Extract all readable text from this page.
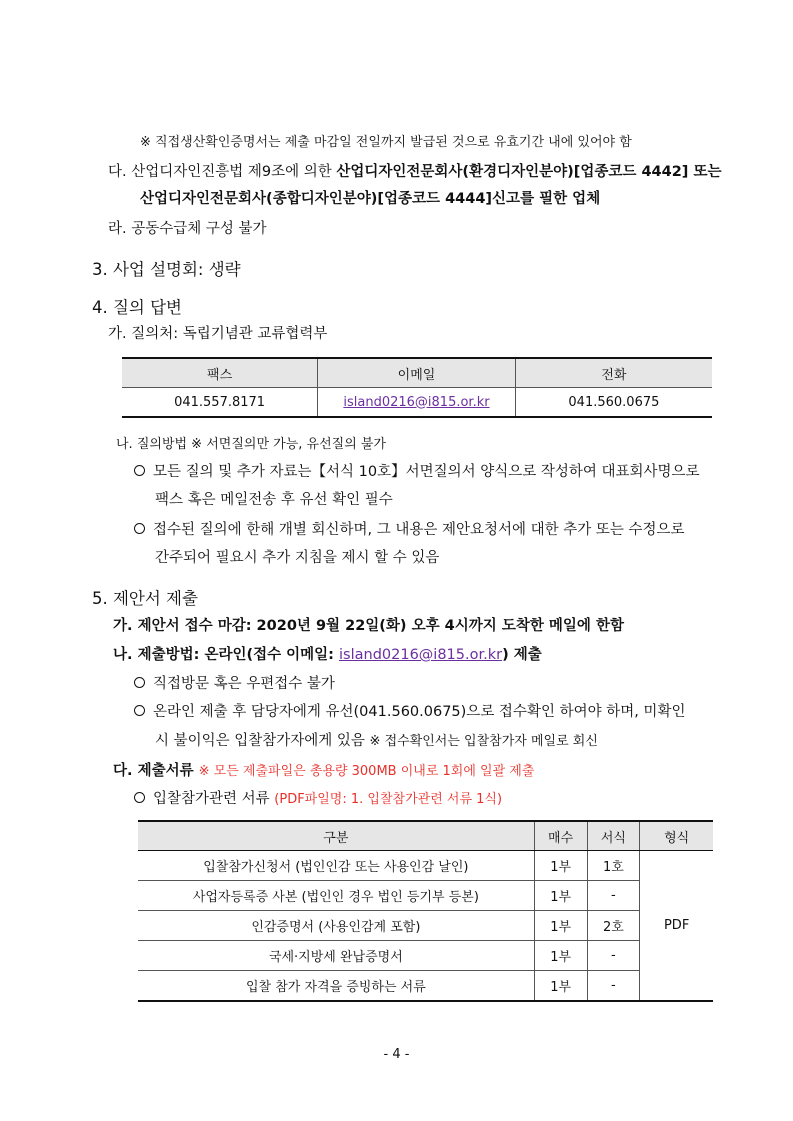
※ 직접생산확인증명서는 제출 마감일 전일까지 발급된 것으로 유효기간 내에 있어야 함
다. 산업디자인진흥법 제9조에 의한 산업디자인전문회사(환경디자인분야)[업종코드 4442] 또는
산업디자인전문회사(종합디자인분야)[업종코드 4444]신고를 필한 업체
라. 공동수급체 구성 불가
3. 사업 설명회: 생략
4. 질의 답변
가. 질의처: 독립기념관 교류협력부
팩스	이메일	전화
041.557.8171	island0216@i815.or.kr	041.560.0675
나. 질의방법 ※ 서면질의만 가능, 유선질의 불가
모든 질의 및 추가 자료는【서식 10호】서면질의서 양식으로 작성하여 대표회사명으로
팩스 혹은 메일전송 후 유선 확인 필수
접수된 질의에 한해 개별 회신하며, 그 내용은 제안요청서에 대한 추가 또는 수정으로
간주되어 필요시 추가 지침을 제시 할 수 있음
5. 제안서 제출
가. 제안서 접수 마감: 2020년 9월 22일(화) 오후 4시까지 도착한 메일에 한함
나. 제출방법: 온라인(접수 이메일: island0216@i815.or.kr) 제출
직접방문 혹은 우편접수 불가
온라인 제출 후 담당자에게 유선(041.560.0675)으로 접수확인 하여야 하며, 미확인
시 불이익은 입찰참가자에게 있음 ※ 접수확인서는 입찰참가자 메일로 회신
다. 제출서류 ※ 모든 제출파일은 총용량 300MB 이내로 1회에 일괄 제출
입찰참가관련 서류 (PDF파일명: 1. 입찰참가관련 서류 1식)
구분	매수	서식	형식
입찰참가신청서 (법인인감 또는 사용인감 날인)	1부	1호	PDF
사업자등록증 사본 (법인인 경우 법인 등기부 등본)	1부	-	
인감증명서 (사용인감계 포함)	1부	2호	
국세·지방세 완납증명서	1부	-	
입찰 참가 자격을 증빙하는 서류	1부	-	
- 4 -
